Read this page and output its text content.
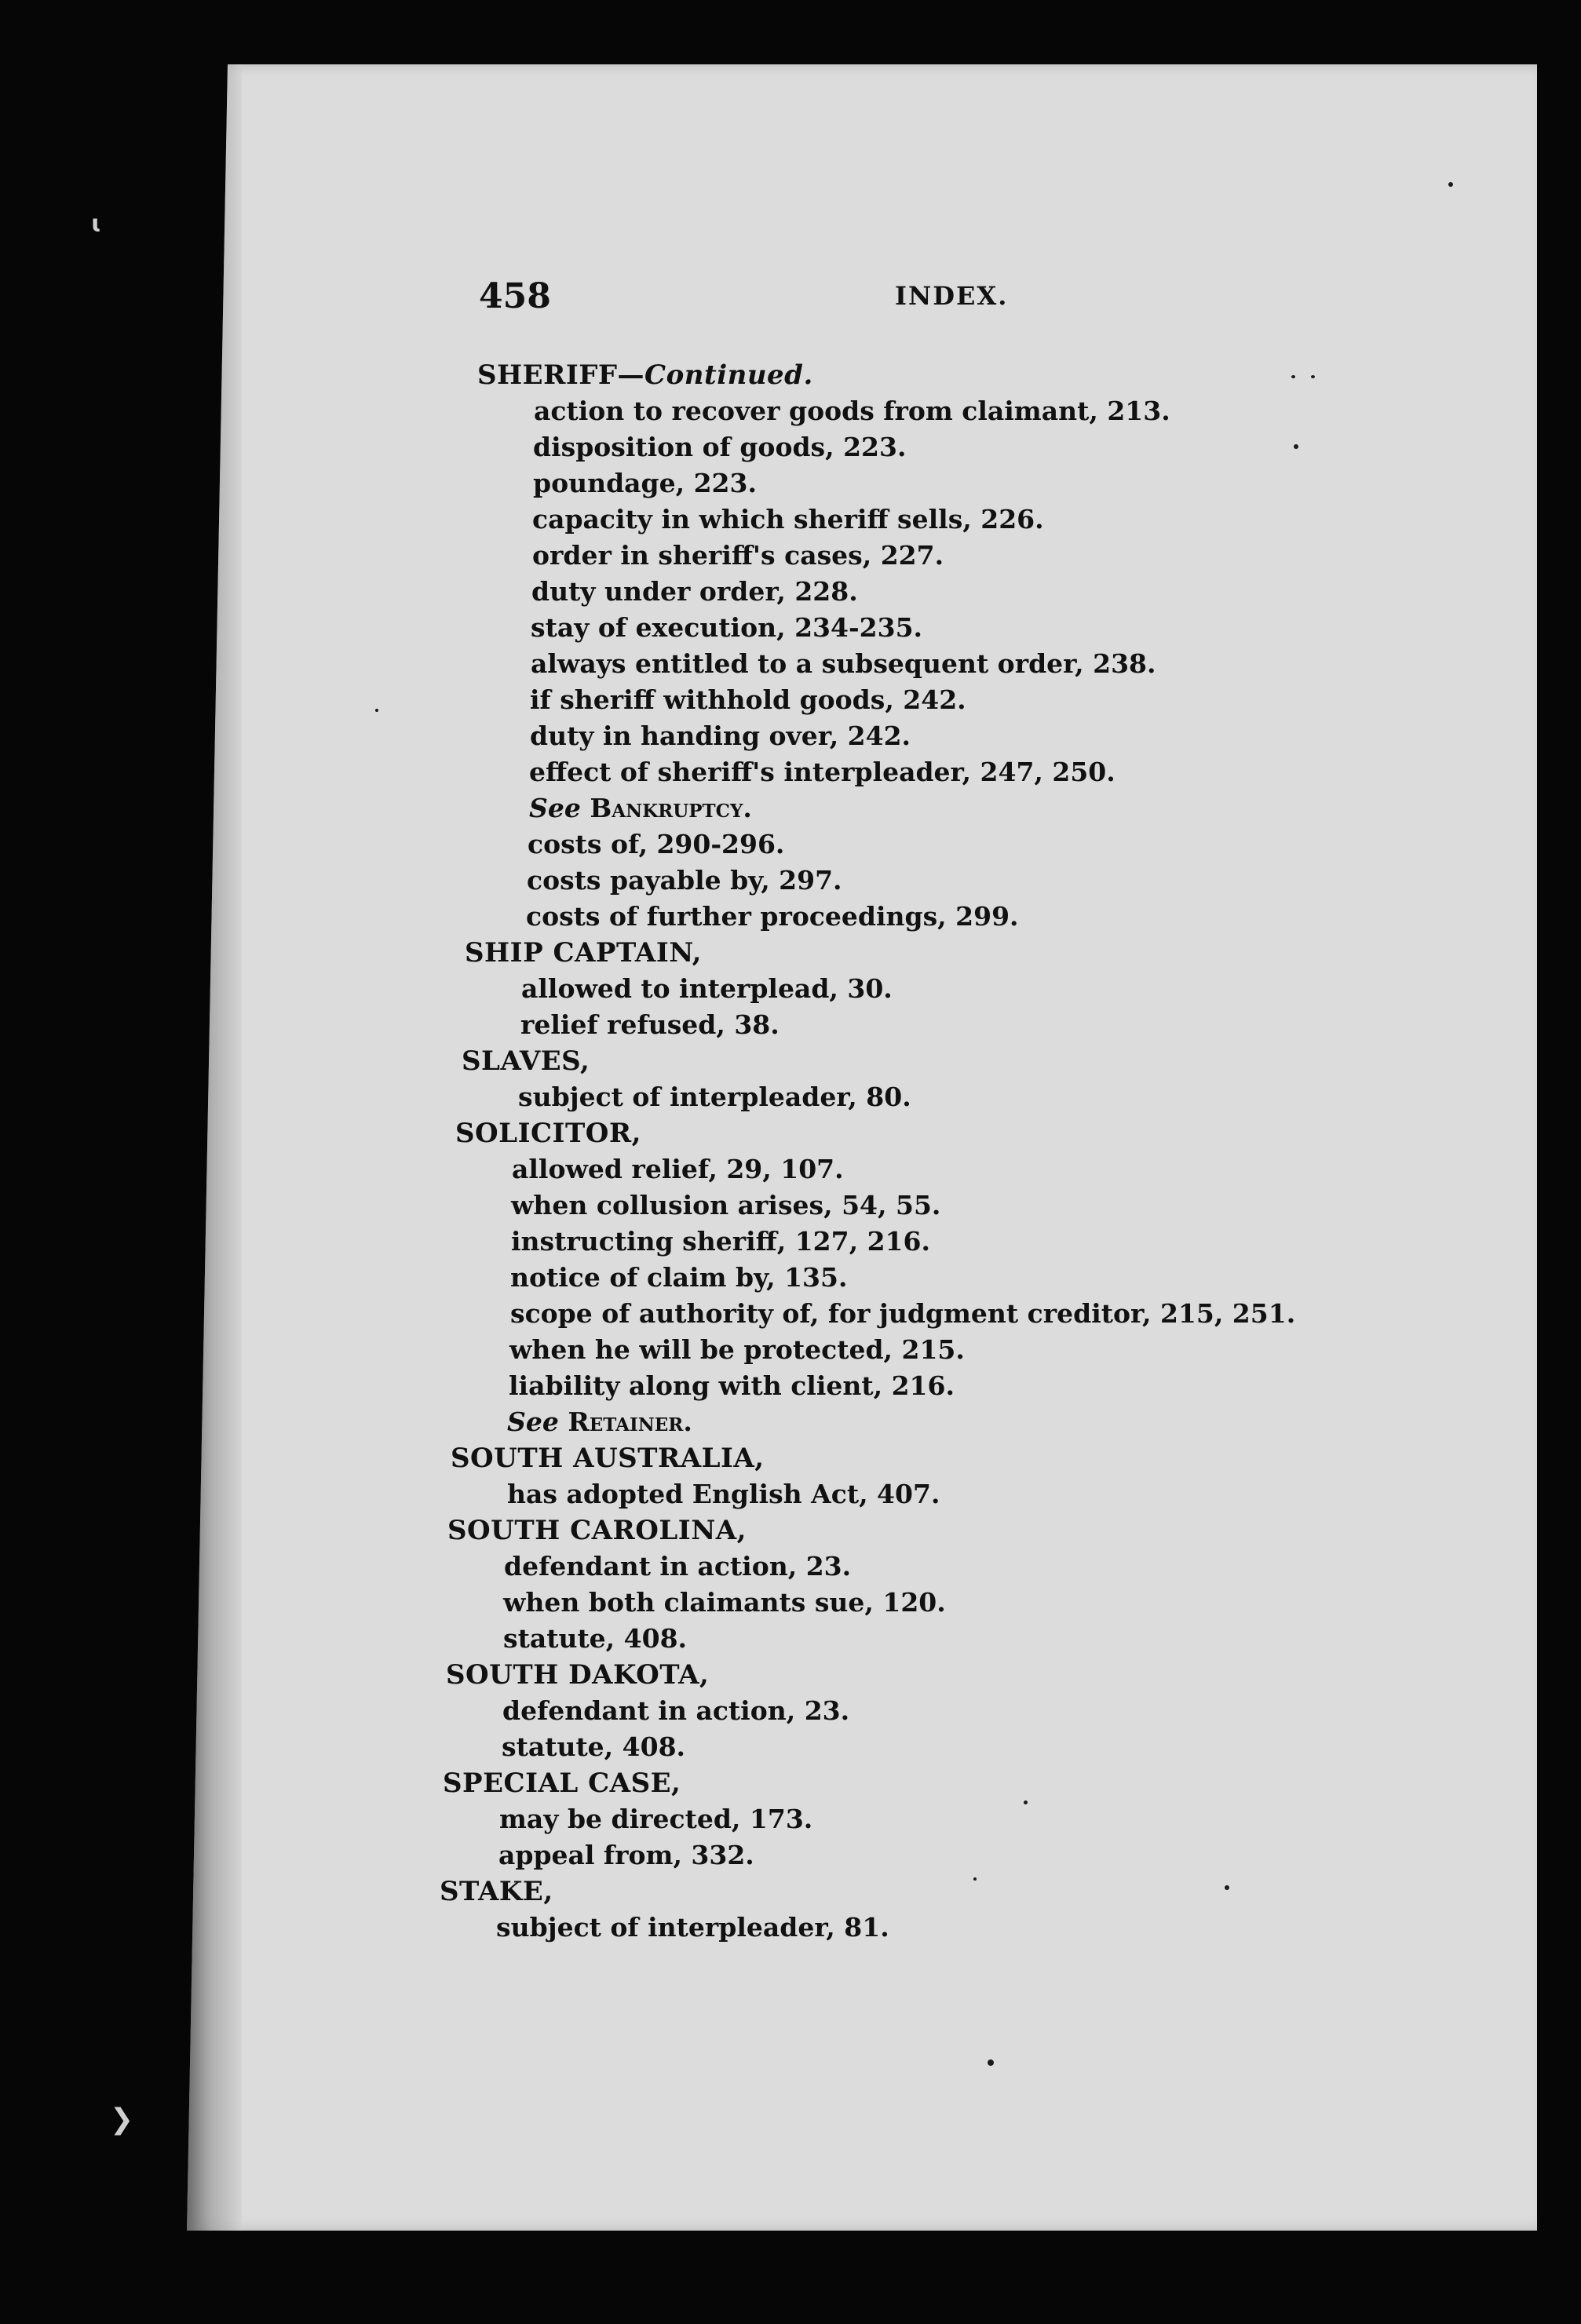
ɩ
❯
458	INDEX.
SHERIFF—Continued.
action to recover goods from claimant, 213.
disposition of goods, 223.
poundage, 223.
capacity in which sheriff sells, 226.
order in sheriff's cases, 227.
duty under order, 228.
stay of execution, 234-235.
always entitled to a subsequent order, 238.
if sheriff withhold goods, 242.
duty in handing over, 242.
effect of sheriff's interpleader, 247, 250.
See Bankruptcy.
costs of, 290-296.
costs payable by, 297.
costs of further proceedings, 299.
SHIP CAPTAIN,
allowed to interplead, 30.
relief refused, 38.
SLAVES,
subject of interpleader, 80.
SOLICITOR,
allowed relief, 29, 107.
when collusion arises, 54, 55.
instructing sheriff, 127, 216.
notice of claim by, 135.
scope of authority of, for judgment creditor, 215, 251.
when he will be protected, 215.
liability along with client, 216.
See Retainer.
SOUTH AUSTRALIA,
has adopted English Act, 407.
SOUTH CAROLINA,
defendant in action, 23.
when both claimants sue, 120.
statute, 408.
SOUTH DAKOTA,
defendant in action, 23.
statute, 408.
SPECIAL CASE,
may be directed, 173.
appeal from, 332.
STAKE,
subject of interpleader, 81.
